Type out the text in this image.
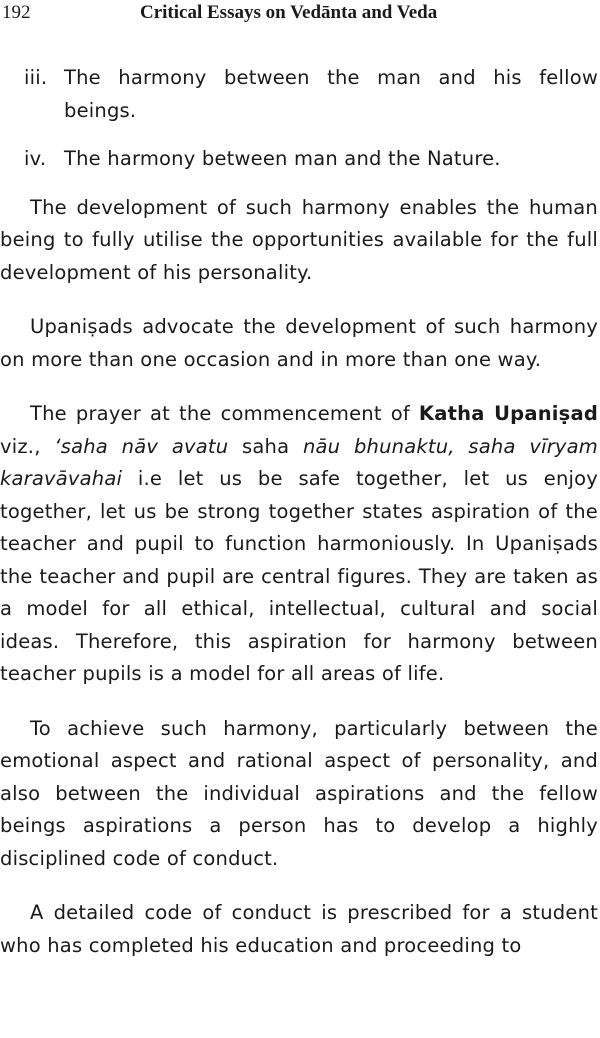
192	Critical Essays on Vedānta and Veda
iii. The harmony between the man and his fellow beings.
iv. The harmony between man and the Nature.

The development of such harmony enables the human being to fully utilise the opportunities available for the full development of his personality.

Upaniṣads advocate the development of such harmony on more than one occasion and in more than one way.

The prayer at the commencement of Katha Upaniṣad viz., ‘saha nāv avatu saha nāu bhunaktu, saha vīryam karavāvahai i.e let us be safe together, let us enjoy together, let us be strong together states aspiration of the teacher and pupil to function harmoniously. In Upaniṣads the teacher and pupil are central figures. They are taken as a model for all ethical, intellectual, cultural and social ideas. Therefore, this aspiration for harmony between teacher pupils is a model for all areas of life.

To achieve such harmony, particularly between the emotional aspect and rational aspect of personality, and also between the individual aspirations and the fellow beings aspirations a person has to develop a highly disciplined code of conduct.

A detailed code of conduct is prescribed for a student who has completed his education and proceeding to
